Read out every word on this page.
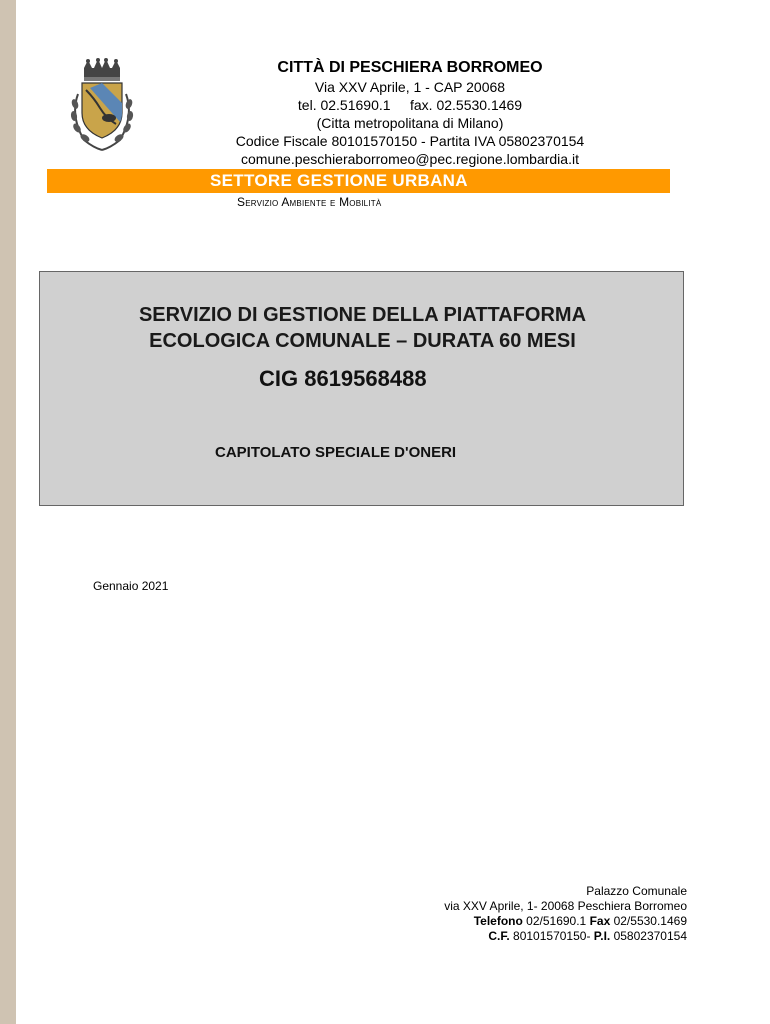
CITTÀ DI PESCHIERA BORROMEO
Via XXV Aprile, 1 - CAP 20068
tel. 02.51690.1     fax. 02.5530.1469
(Citta metropolitana di Milano)
Codice Fiscale 80101570150 - Partita IVA 05802370154
comune.peschieraborromeo@pec.regione.lombardia.it
SETTORE GESTIONE URBANA
Servizio Ambiente e Mobilità
SERVIZIO DI GESTIONE DELLA PIATTAFORMA
ECOLOGICA COMUNALE – DURATA 60 MESI
CIG 8619568488
CAPITOLATO SPECIALE D'ONERI
Gennaio 2021
Palazzo Comunale
via XXV Aprile, 1- 20068 Peschiera Borromeo
Telefono 02/51690.1 Fax 02/5530.1469
C.F. 80101570150- P.I. 05802370154
